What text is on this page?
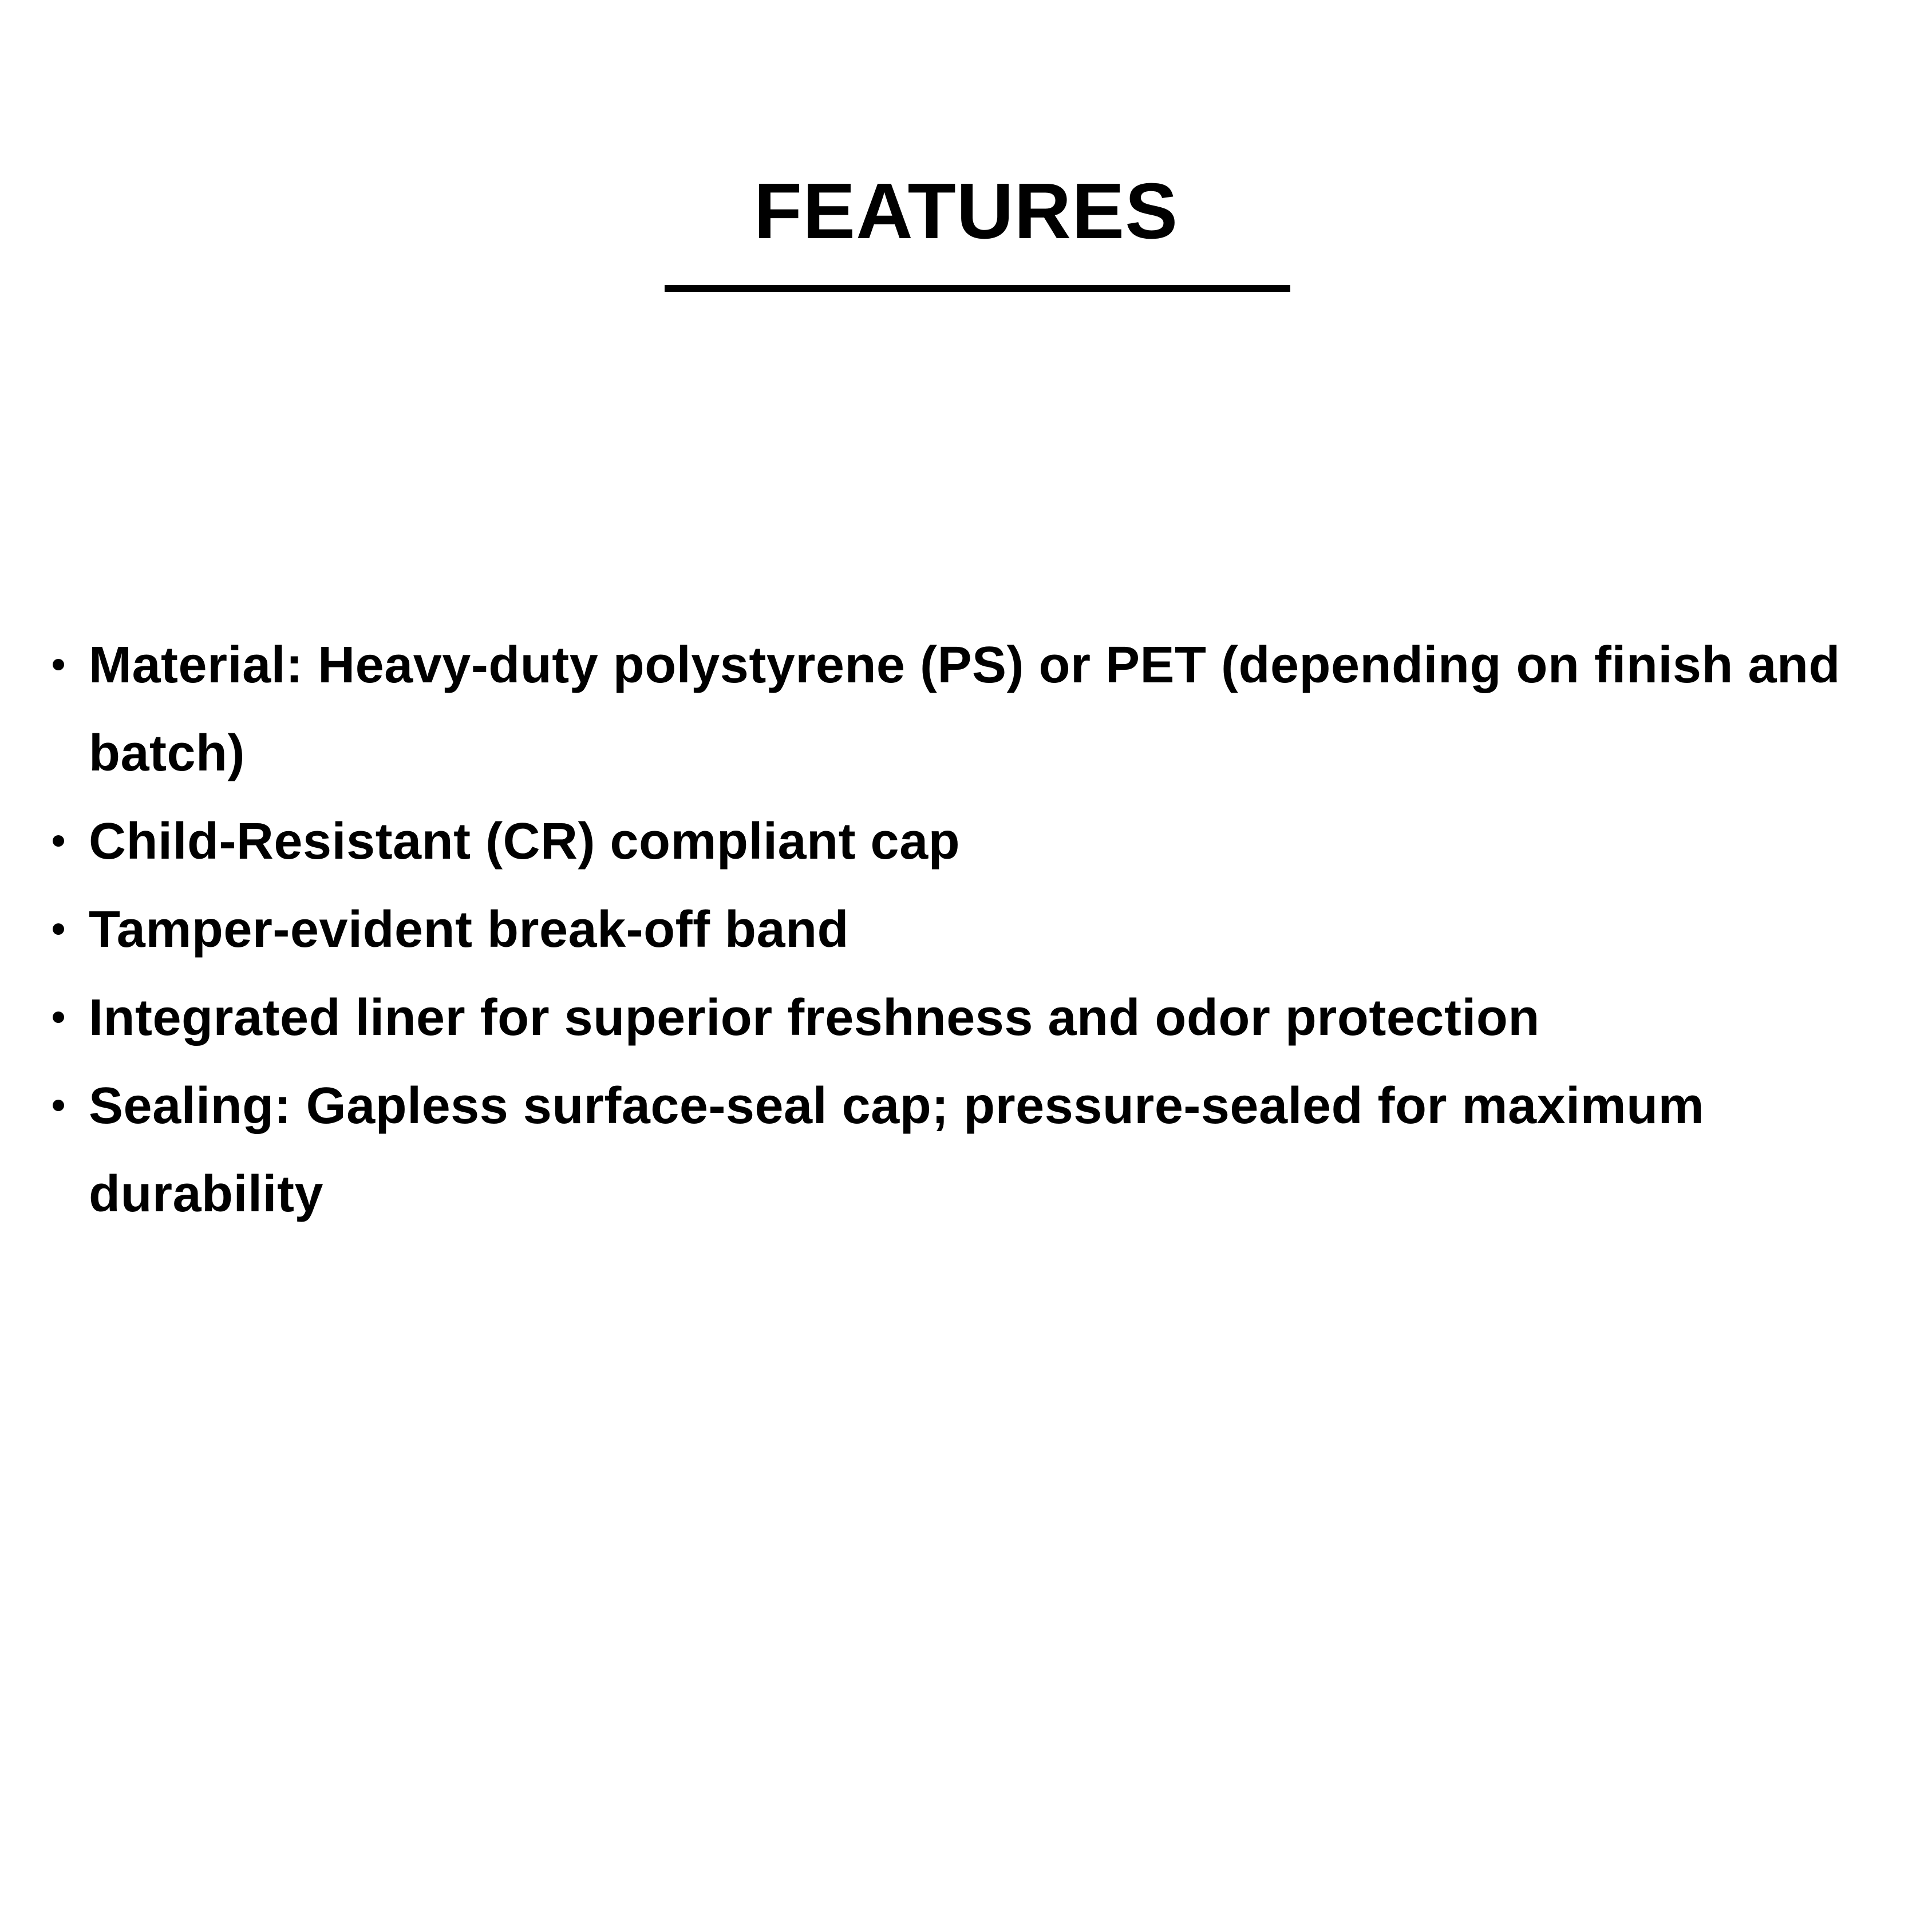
FEATURES
Material: Heavy-duty polystyrene (PS) or PET (depending on finish and batch)
Child-Resistant (CR) compliant cap
Tamper-evident break-off band
Integrated liner for superior freshness and odor protection
Sealing: Gapless surface-seal cap; pressure-sealed for maximum durability
